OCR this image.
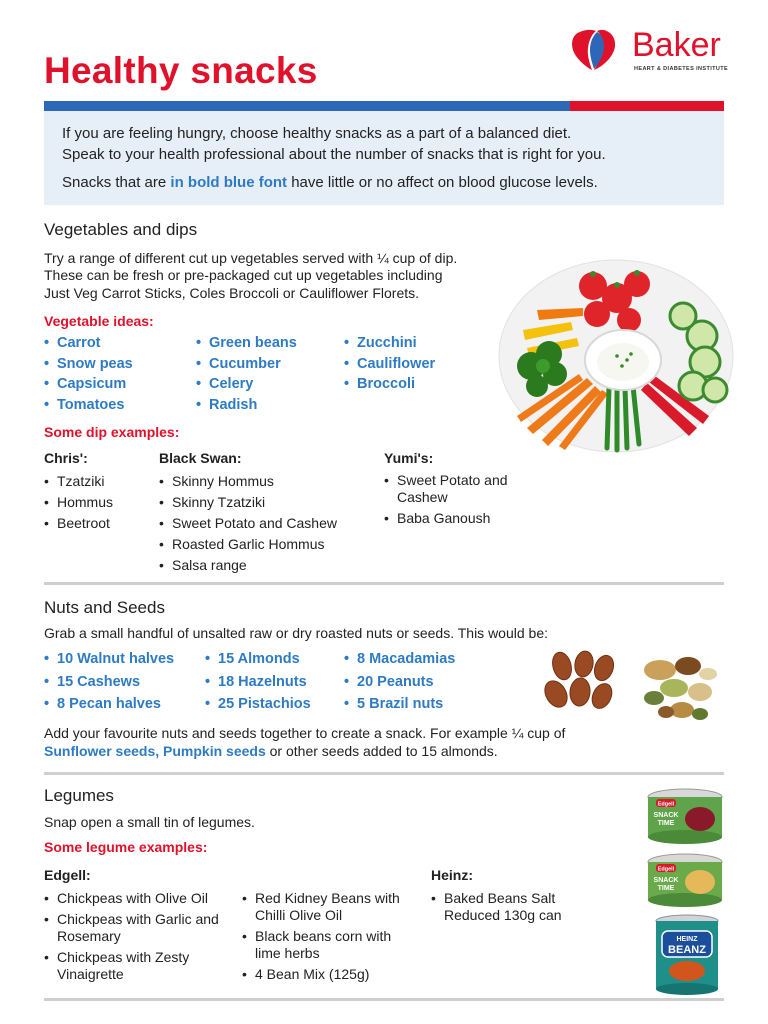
Healthy snacks
Baker
HEART & DIABETES INSTITUTE

If you are feeling hungry, choose healthy snacks as a part of a balanced diet.

Speak to your health professional about the number of snacks that is right for you.

Snacks that are in bold blue font have little or no affect on blood glucose levels.

Vegetables and dips
Try a range of different cut up vegetables served with ¼ cup of dip.
These can be fresh or pre-packaged cut up vegetables including
Just Veg Carrot Sticks, Coles Broccoli or Cauliflower Florets.
Vegetable ideas:
• Carrot
• Snow peas
• Capsicum
• Tomatoes
• Green beans
• Cucumber
• Celery
• Radish
• Zucchini
• Cauliflower
• Broccoli
Some dip examples:
Chris':
• Tzatziki
• Hommus
• Beetroot
Black Swan:
• Skinny Hommus
• Skinny Tzatziki
• Sweet Potato and Cashew
• Roasted Garlic Hommus
• Salsa range
Yumi's:
• Sweet Potato and Cashew
• Baba Ganoush
Nuts and Seeds
Grab a small handful of unsalted raw or dry roasted nuts or seeds. This would be:
• 10 Walnut halves
• 15 Cashews
• 8 Pecan halves
• 15 Almonds
• 18 Hazelnuts
• 25 Pistachios
• 8 Macadamias
• 20 Peanuts
• 5 Brazil nuts
Add your favourite nuts and seeds together to create a snack. For example ¼ cup of
Sunflower seeds, Pumpkin seeds or other seeds added to 15 almonds.
Legumes
Snap open a small tin of legumes.
Some legume examples:
Edgell:
• Chickpeas with Olive Oil
• Chickpeas with Garlic and Rosemary
• Chickpeas with Zesty Vinaigrette
• Red Kidney Beans with Chilli Olive Oil
• Black beans corn with lime herbs
• 4 Bean Mix (125g)
Heinz:
• Baked Beans Salt Reduced 130g can
Edgell
SNACK
TIME
Edgell
SNACK
TIME
HEINZ
BEANZ
